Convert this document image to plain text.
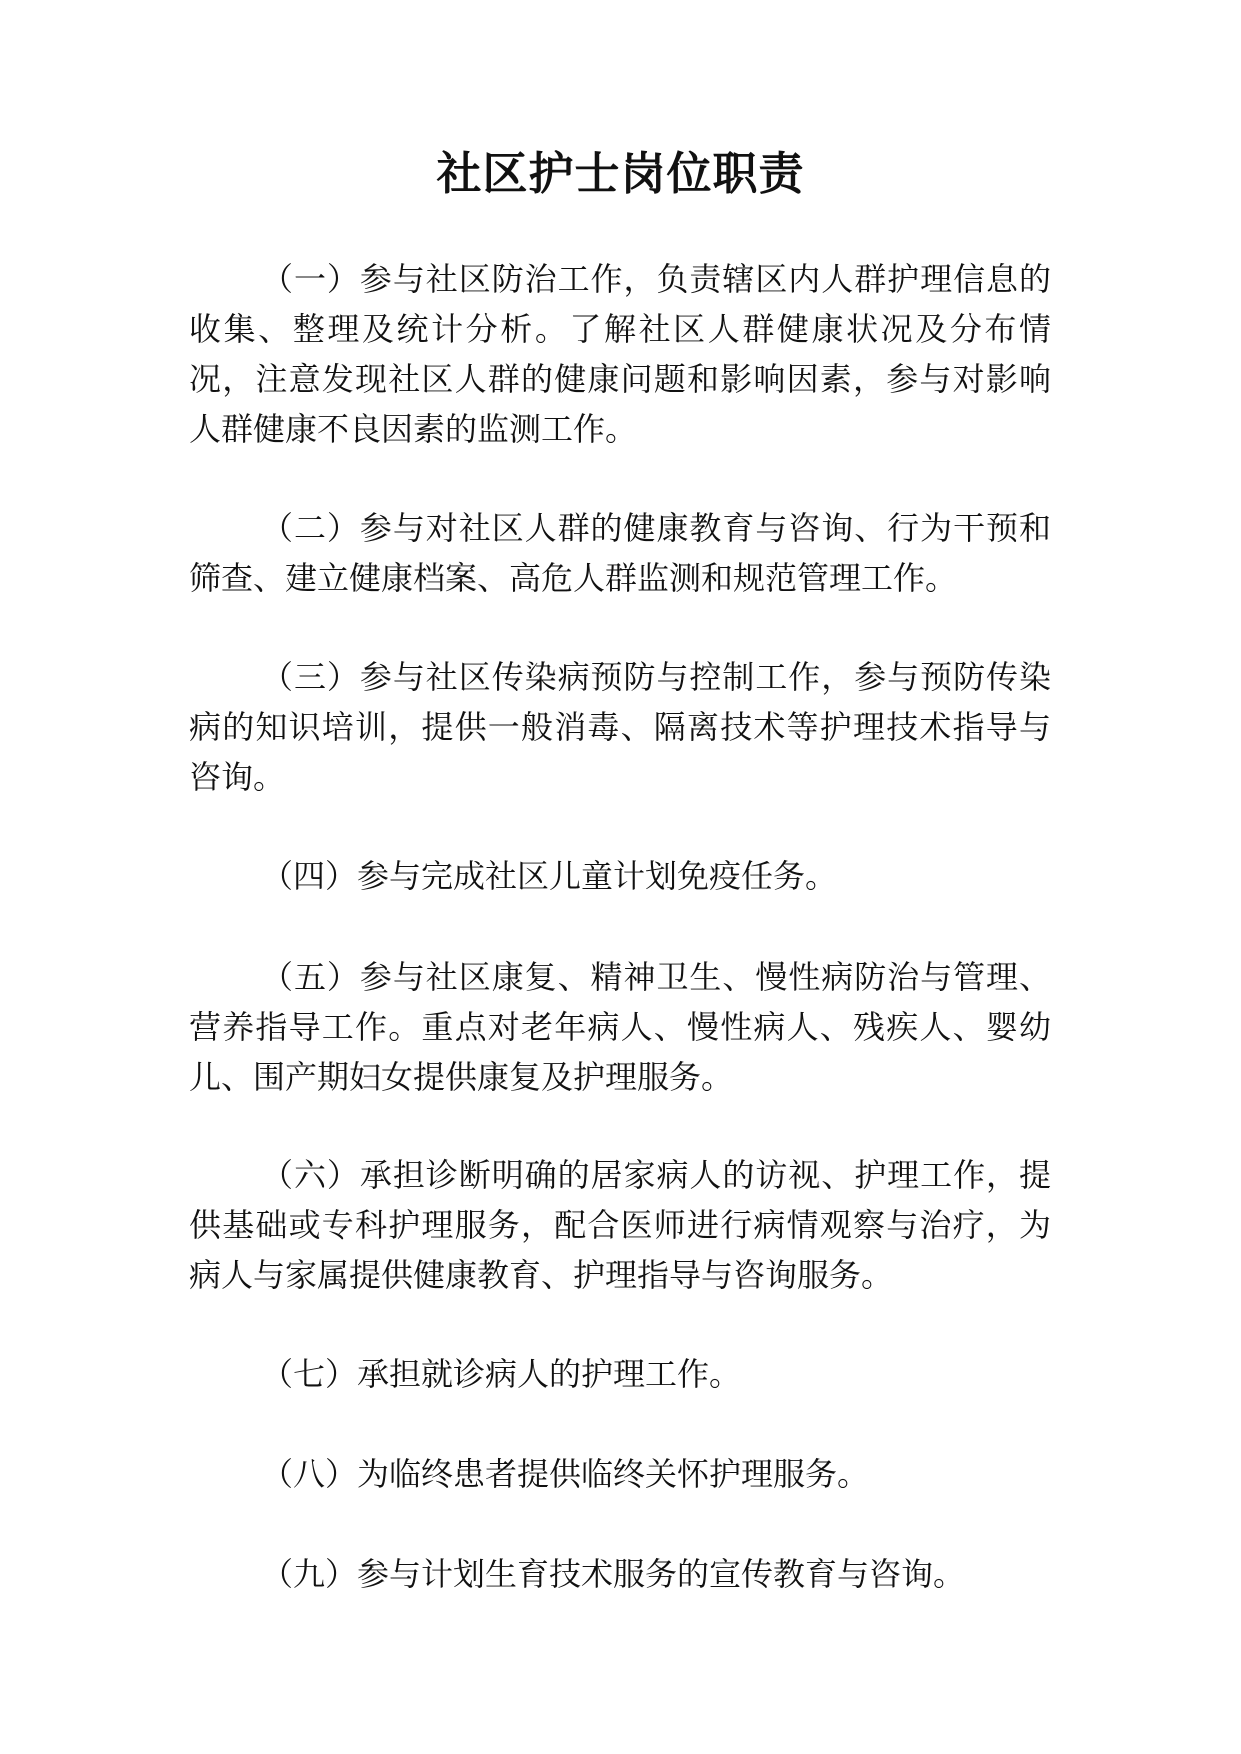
社区护士岗位职责

（一）参与社区防治工作，负责辖区内人群护理信息的收集、整理及统计分析。了解社区人群健康状况及分布情况，注意发现社区人群的健康问题和影响因素，参与对影响人群健康不良因素的监测工作。

（二）参与对社区人群的健康教育与咨询、行为干预和筛查、建立健康档案、高危人群监测和规范管理工作。

（三）参与社区传染病预防与控制工作，参与预防传染病的知识培训，提供一般消毒、隔离技术等护理技术指导与咨询。

（四）参与完成社区儿童计划免疫任务。

（五）参与社区康复、精神卫生、慢性病防治与管理、营养指导工作。重点对老年病人、慢性病人、残疾人、婴幼儿、围产期妇女提供康复及护理服务。

（六）承担诊断明确的居家病人的访视、护理工作，提供基础或专科护理服务，配合医师进行病情观察与治疗，为病人与家属提供健康教育、护理指导与咨询服务。

（七）承担就诊病人的护理工作。

（八）为临终患者提供临终关怀护理服务。

（九）参与计划生育技术服务的宣传教育与咨询。
